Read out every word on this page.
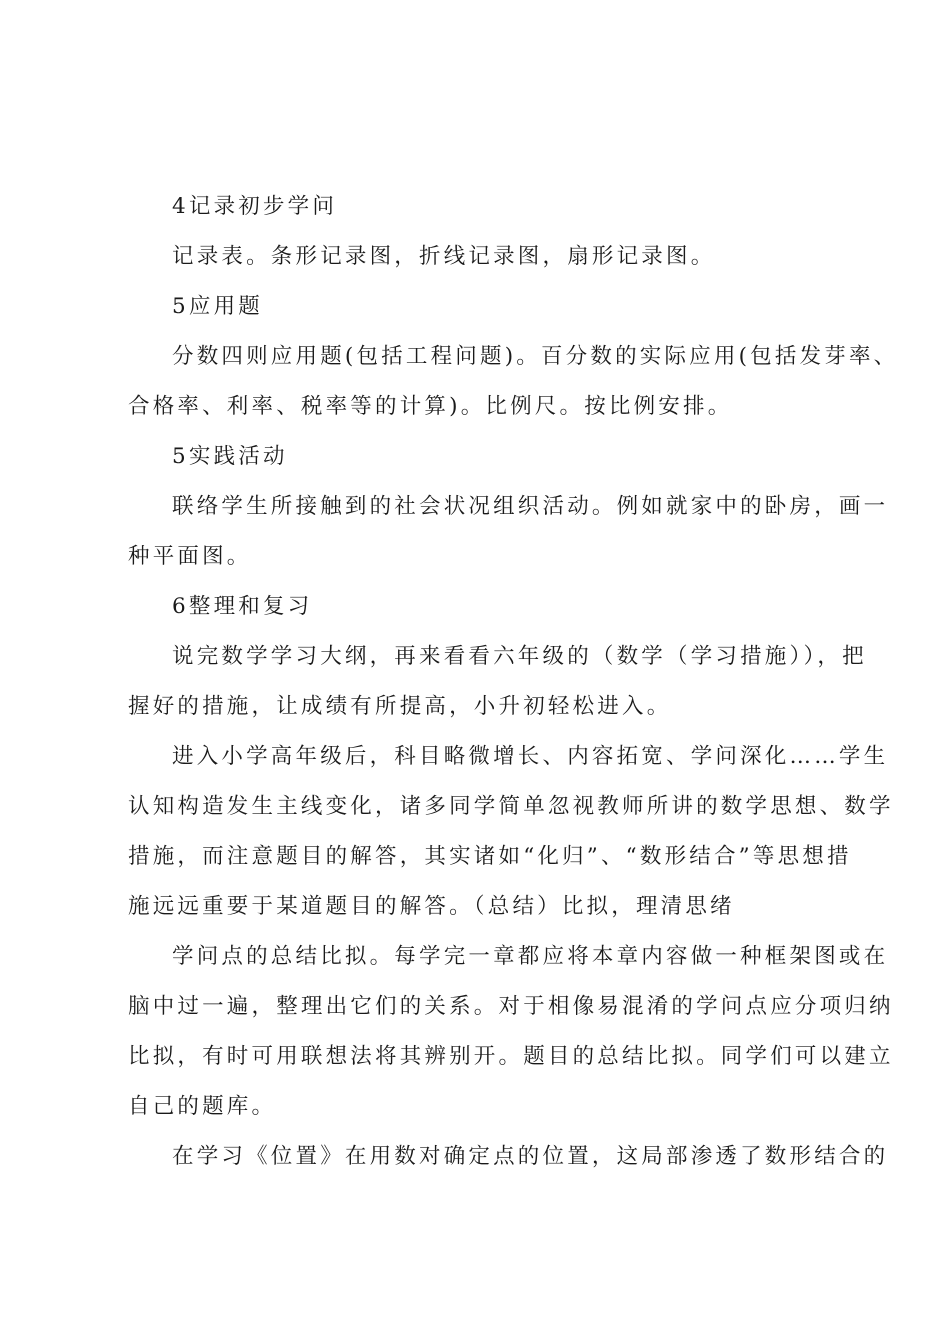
4记录初步学问
记录表。条形记录图，折线记录图，扇形记录图。
5应用题
分数四则应用题(包括工程问题)。百分数的实际应用(包括发芽率、
合格率、利率、税率等的计算)。比例尺。按比例安排。
5实践活动
联络学生所接触到的社会状况组织活动。例如就家中的卧房，画一
种平面图。
6整理和复习
说完数学学习大纲，再来看看六年级的（数学（学习措施）），把
握好的措施，让成绩有所提高，小升初轻松进入。
进入小学高年级后，科目略微增长、内容拓宽、学问深化……学生
认知构造发生主线变化，诸多同学简单忽视教师所讲的数学思想、数学
措施，而注意题目的解答，其实诸如“化归”、“数形结合”等思想措
施远远重要于某道题目的解答。（总结）比拟，理清思绪
学问点的总结比拟。每学完一章都应将本章内容做一种框架图或在
脑中过一遍，整理出它们的关系。对于相像易混淆的学问点应分项归纳
比拟，有时可用联想法将其辨别开。题目的总结比拟。同学们可以建立
自己的题库。
在学习《位置》在用数对确定点的位置，这局部渗透了数形结合的
